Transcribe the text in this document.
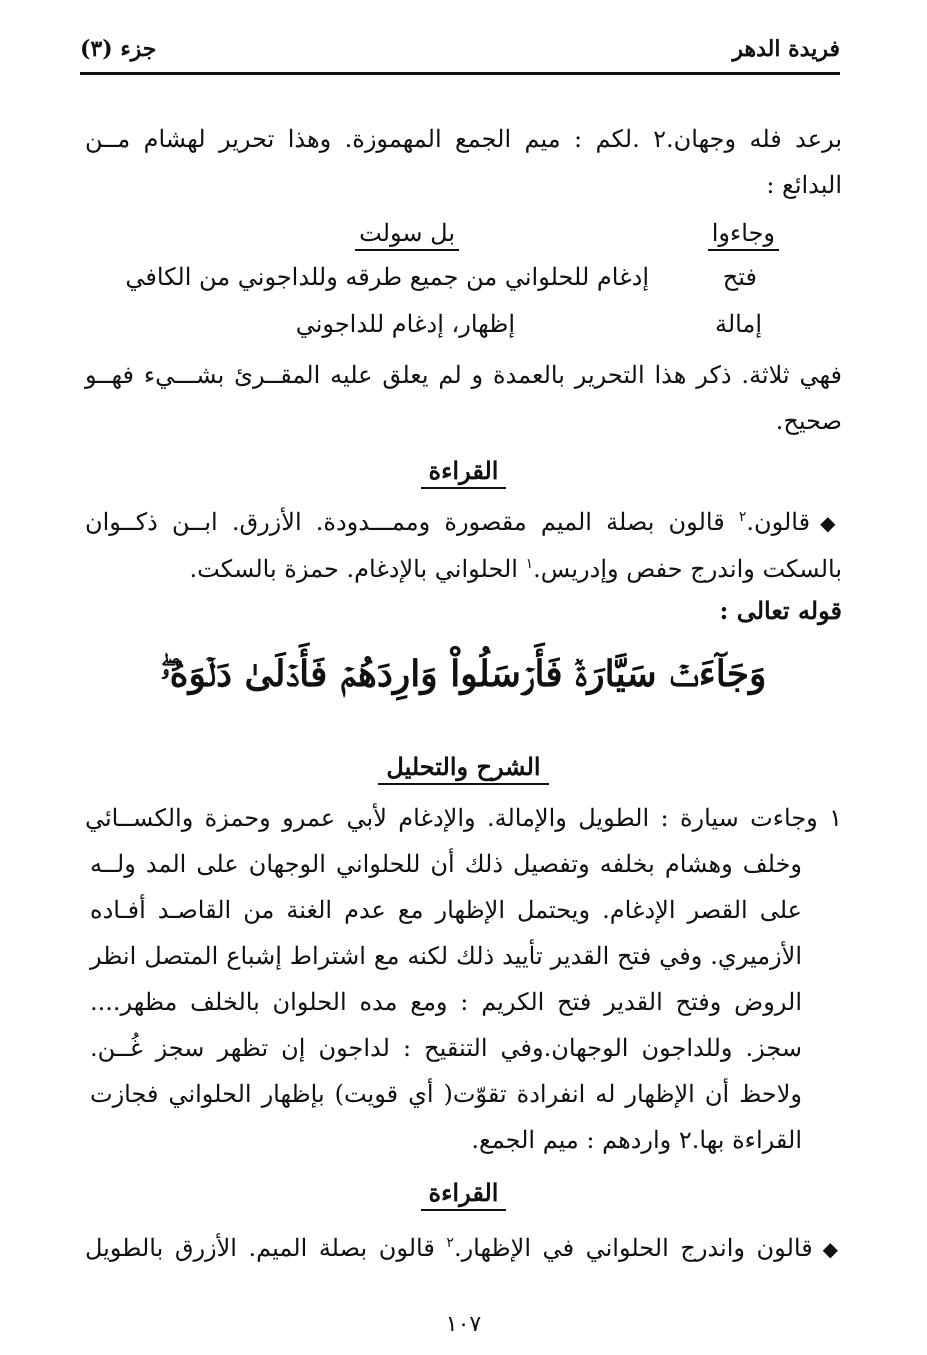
فريدة الدهر
جزء (٣)
برعد فله وجهان.٢ .لكم : ميم الجمع المهموزة. وهذا تحرير لهشام مــن
البدائع :
وجاءوا
بل سولت
فتح
إدغام للحلواني من جميع طرقه وللداجوني من الكافي
إمالة
إظهار، إدغام للداجوني
فهي ثلاثة. ذكر هذا التحرير بالعمدة و لم يعلق عليه المقــرئ بشـــيء فهــو
صحيح.
القراءة
◆قالون.$^٢$ قالون بصلة الميم مقصورة وممـــدودة. الأزرق. ابــن ذكــوان
بالسكت واندرج حفص وإدريس.$^١$ الحلواني بالإدغام. حمزة بالسكت.
قوله تعالى :
وَجَآءَتۡ سَيَّارَةٞ فَأَرۡسَلُواْ وَارِدَهُمۡ فَأَدۡلَىٰ دَلۡوَهُۥۖ
الشرح والتحليل
١ وجاءت سيارة : الطويل والإمالة. والإدغام لأبي عمرو وحمزة والكســائي
وخلف وهشام بخلفه وتفصيل ذلك أن للحلواني الوجهان على المد ولــه
على القصر الإدغام. ويحتمل الإظهار مع عدم الغنة من القاصـد أفـاده
الأزميري. وفي فتح القدير تأييد ذلك لكنه مع اشتراط إشباع المتصل انظر
الروض وفتح القدير فتح الكريم : ومع مده الحلوان بالخلف مظهر....
سجز. وللداجون الوجهان.وفي التنقيح : لداجون إن تظهر سجز غُــن.
ولاحظ أن الإظهار له انفرادة تقوّت( أي قويت) بإظهار الحلواني فجازت
القراءة بها.٢ واردهم : ميم الجمع.
القراءة
◆قالون واندرج الحلواني في الإظهار.$^٢$ قالون بصلة الميم. الأزرق بالطويل
١٠٧
